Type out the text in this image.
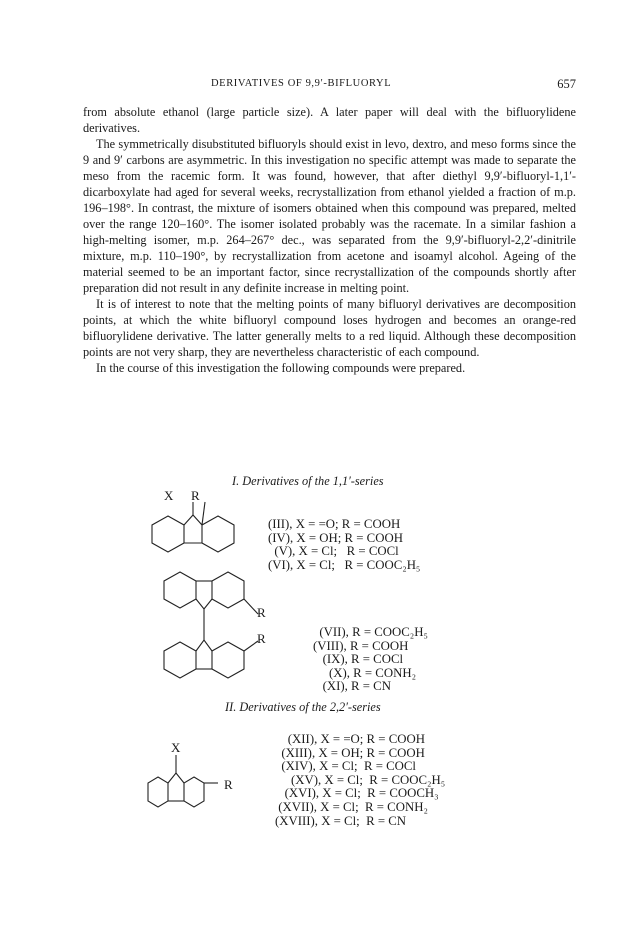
DERIVATIVES OF 9,9′-BIFLUORYL	657

from absolute ethanol (large particle size). A later paper will deal with the bifluorylidene derivatives.

The symmetrically disubstituted bifluoryls should exist in levo, dextro, and meso forms since the 9 and 9′ carbons are asymmetric. In this investigation no specific attempt was made to separate the meso from the racemic form. It was found, however, that after diethyl 9,9′-bifluoryl-1,1′-dicarboxylate had aged for several weeks, recrystallization from ethanol yielded a fraction of m.p. 196–198°. In contrast, the mixture of isomers obtained when this compound was prepared, melted over the range 120–160°. The isomer isolated probably was the racemate. In a similar fashion a high-melting isomer, m.p. 264–267° dec., was separated from the 9,9′-bifluoryl-2,2′-dinitrile mixture, m.p. 110–190°, by recrystallization from acetone and isoamyl alcohol. Ageing of the material seemed to be an important factor, since recrystallization of the compounds shortly after preparation did not result in any definite increase in melting point.

It is of interest to note that the melting points of many bifluoryl derivatives are decomposition points, at which the white bifluoryl compound loses hydrogen and becomes an orange-red bifluorylidene derivative. The latter generally melts to a red liquid. Although these decomposition points are not very sharp, they are nevertheless characteristic of each compound.

In the course of this investigation the following compounds were prepared.

I. Derivatives of the 1,1′-series
X R
(III), X = =O; R = COOH
(IV), X = OH; R = COOH
(V), X = Cl;   R = COCl
(VI), X = Cl;   R = COOC₂H₅
R
R	(VII), R = COOC₂H₅
(VIII), R = COOH
(IX), R = COCl
(X), R = CONH₂
(XI), R = CN
II. Derivatives of the 2,2′-series
X
R
(XII), X = =O; R = COOH
(XIII), X = OH; R = COOH
(XIV), X = Cl;  R = COCl
(XV), X = Cl;  R = COOC₂H₅
(XVI), X = Cl;  R = COOCH₃
(XVII), X = Cl;  R = CONH₂
(XVIII), X = Cl;  R = CN
